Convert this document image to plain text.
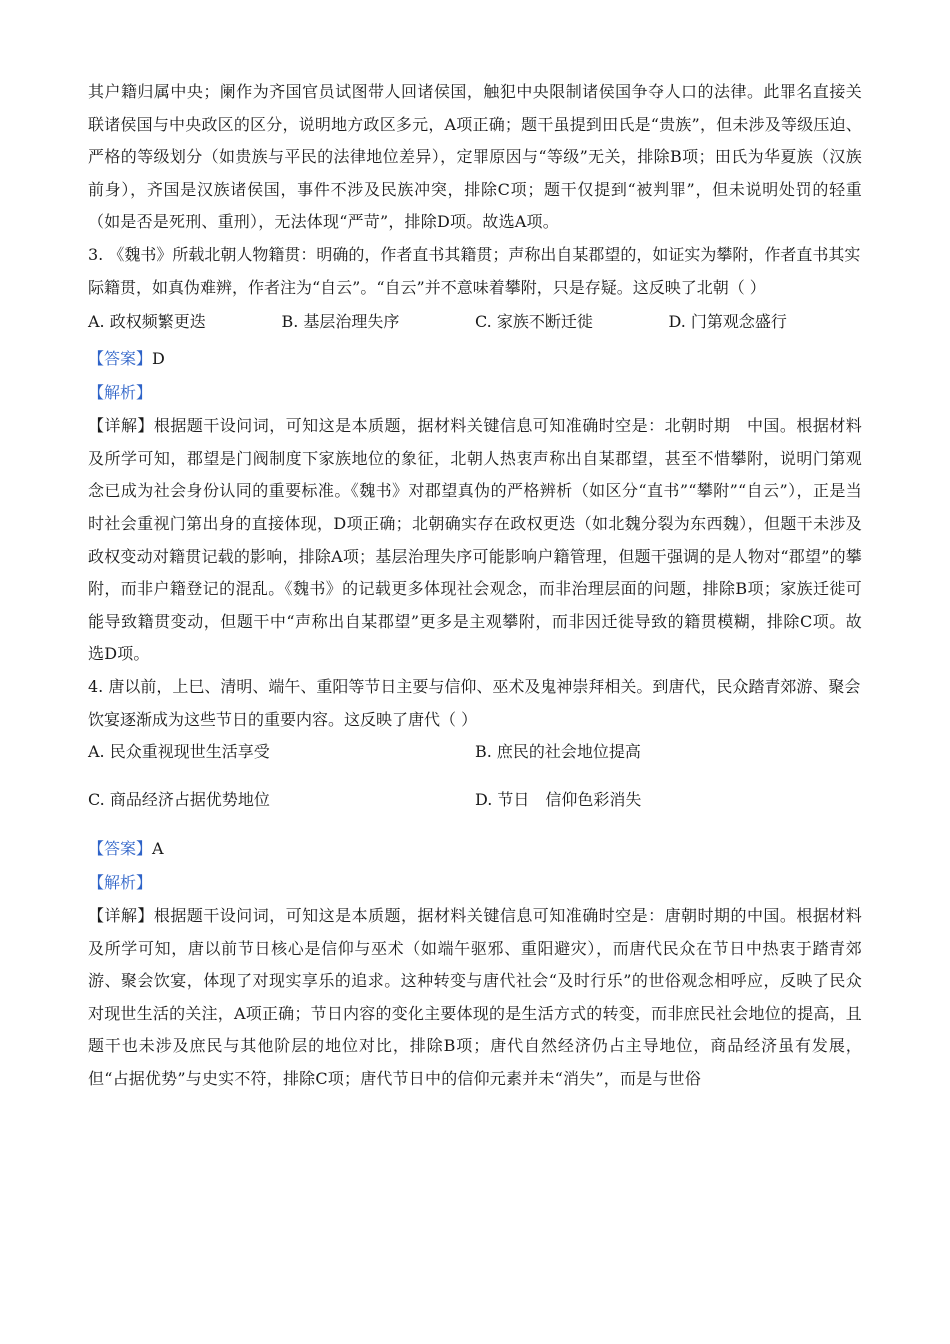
其户籍归属中央；阑作为齐国官员试图带人回诸侯国，触犯中央限制诸侯国争夺人口的法律。此罪名直接关联诸侯国与中央政区的区分，说明地方政区多元，A项正确；题干虽提到田氏是“贵族”，但未涉及等级压迫、严格的等级划分（如贵族与平民的法律地位差异），定罪原因与“等级”无关，排除B项；田氏为华夏族（汉族前身），齐国是汉族诸侯国，事件不涉及民族冲突，排除C项；题干仅提到“被判罪”，但未说明处罚的轻重（如是否是死刑、重刑），无法体现“严苛”，排除D项。故选A项。

3. 《魏书》所载北朝人物籍贯：明确的，作者直书其籍贯；声称出自某郡望的，如证实为攀附，作者直书其实际籍贯，如真伪难辨，作者注为“自云”。“自云”并不意味着攀附，只是存疑。这反映了北朝（ ）

A. 政权频繁更迭	B. 基层治理失序	C. 家族不断迁徙	D. 门第观念盛行

【答案】D

【解析】

【详解】根据题干设问词，可知这是本质题，据材料关键信息可知准确时空是：北朝时期　中国。根据材料及所学可知，郡望是门阀制度下家族地位的象征，北朝人热衷声称出自某郡望，甚至不惜攀附，说明门第观念已成为社会身份认同的重要标准。《魏书》对郡望真伪的严格辨析（如区分“直书”“攀附”“自云”），正是当时社会重视门第出身的直接体现，D项正确；北朝确实存在政权更迭（如北魏分裂为东西魏），但题干未涉及政权变动对籍贯记载的影响，排除A项；基层治理失序可能影响户籍管理，但题干强调的是人物对“郡望”的攀附，而非户籍登记的混乱。《魏书》的记载更多体现社会观念，而非治理层面的问题，排除B项；家族迁徙可能导致籍贯变动，但题干中“声称出自某郡望”更多是主观攀附，而非因迁徙导致的籍贯模糊，排除C项。故选D项。

4. 唐以前，上巳、清明、端午、重阳等节日主要与信仰、巫术及鬼神崇拜相关。到唐代，民众踏青郊游、聚会饮宴逐渐成为这些节日的重要内容。这反映了唐代（ ）

A. 民众重视现世生活享受	B. 庶民的社会地位提高
C. 商品经济占据优势地位	D. 节日　信仰色彩消失

【答案】A

【解析】

【详解】根据题干设问词，可知这是本质题，据材料关键信息可知准确时空是：唐朝时期的中国。根据材料及所学可知，唐以前节日核心是信仰与巫术（如端午驱邪、重阳避灾），而唐代民众在节日中热衷于踏青郊游、聚会饮宴，体现了对现实享乐的追求。这种转变与唐代社会“及时行乐”的世俗观念相呼应，反映了民众对现世生活的关注，A项正确；节日内容的变化主要体现的是生活方式的转变，而非庶民社会地位的提高，且题干也未涉及庶民与其他阶层的地位对比，排除B项；唐代自然经济仍占主导地位，商品经济虽有发展，但“占据优势”与史实不符，排除C项；唐代节日中的信仰元素并未“消失”，而是与世俗
